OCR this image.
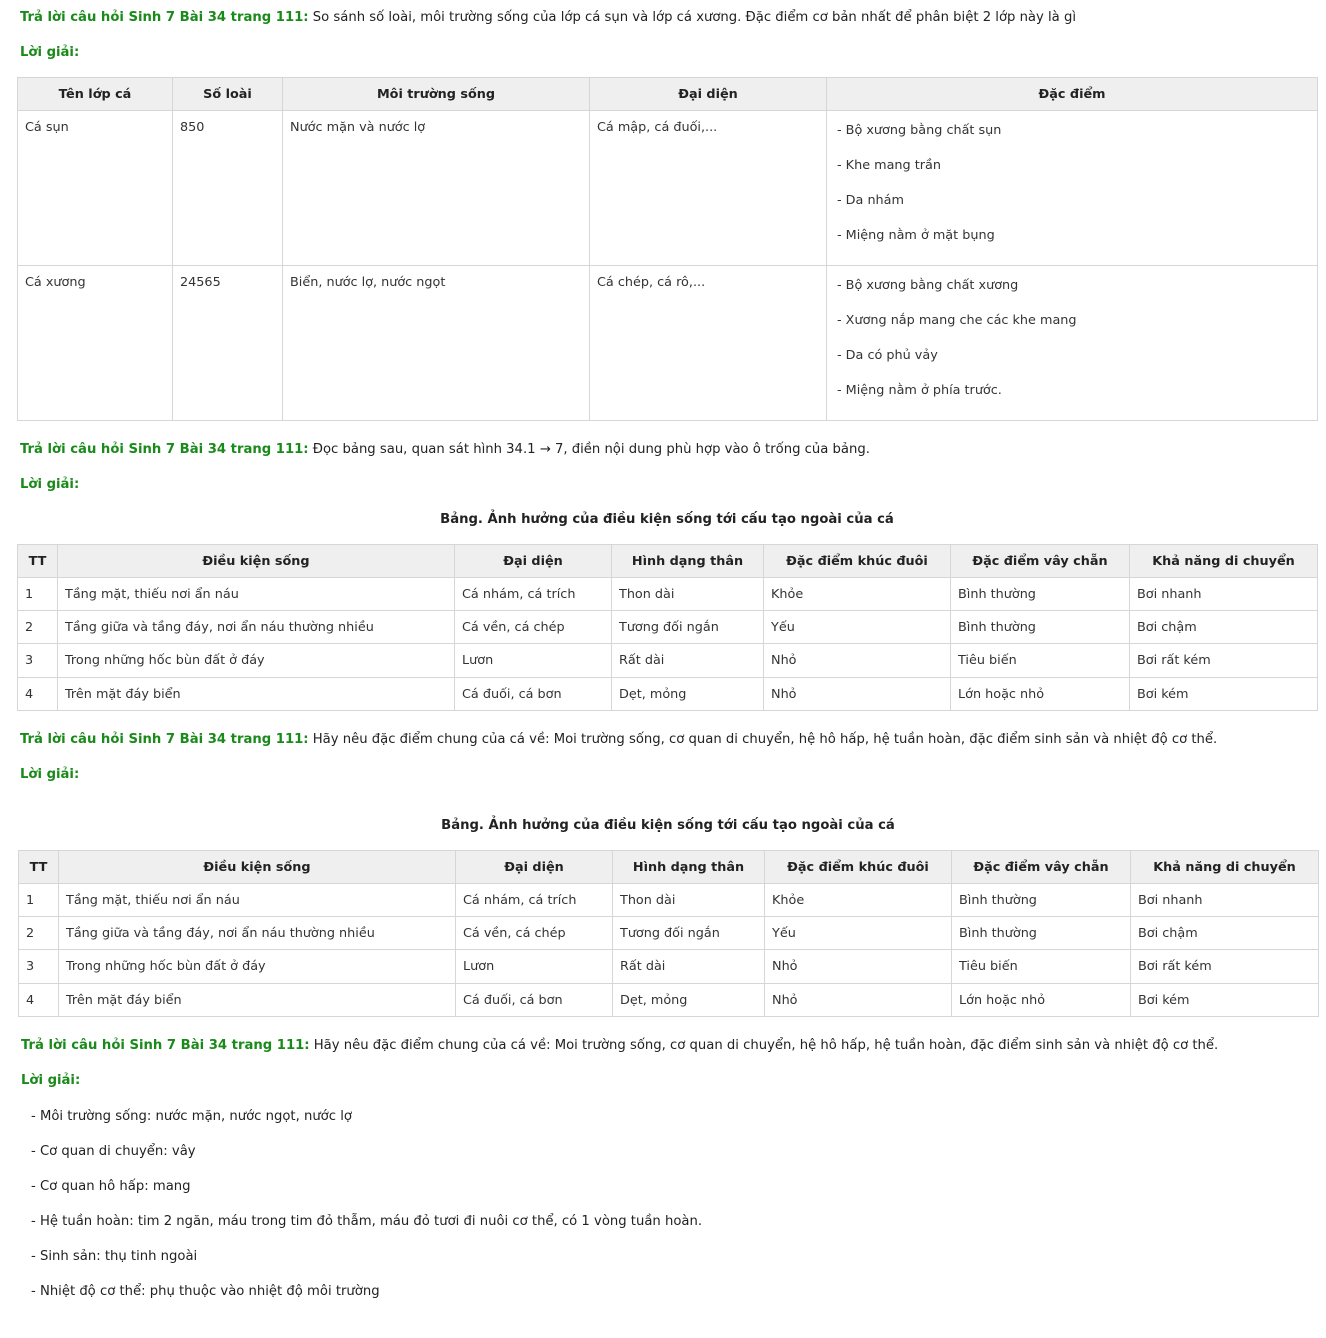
Trả lời câu hỏi Sinh 7 Bài 34 trang 111: So sánh số loài, môi trường sống của lớp cá sụn và lớp cá xương. Đặc điểm cơ bản nhất để phân biệt 2 lớp này là gì
Lời giải:
Tên lớp cá	Số loài	Môi trường sống	Đại diện	Đặc điểm
Cá sụn	850	Nước mặn và nước lợ	Cá mập, cá đuối,...	- Bộ xương bằng chất sụn
- Khe mang trần
- Da nhám
- Miệng nằm ở mặt bụng

Cá xương	24565	Biển, nước lợ, nước ngọt	Cá chép, cá rô,...	- Bộ xương bằng chất xương
- Xương nắp mang che các khe mang
- Da có phủ vảy
- Miệng nằm ở phía trước.
Trả lời câu hỏi Sinh 7 Bài 34 trang 111: Đọc bảng sau, quan sát hình 34.1 → 7, điền nội dung phù hợp vào ô trống của bảng.
Lời giải:
Bảng. Ảnh hưởng của điều kiện sống tới cấu tạo ngoài của cá
TT	Điều kiện sống	Đại diện	Hình dạng thân	Đặc điểm khúc đuôi	Đặc điểm vây chẵn	Khả năng di chuyển
1	Tầng mặt, thiếu nơi ẩn náu	Cá nhám, cá trích	Thon dài	Khỏe	Bình thường	Bơi nhanh
2	Tầng giữa và tầng đáy, nơi ẩn náu thường nhiều	Cá vền, cá chép	Tương đối ngắn	Yếu	Bình thường	Bơi chậm
3	Trong những hốc bùn đất ở đáy	Lươn	Rất dài	Nhỏ	Tiêu biến	Bơi rất kém
4	Trên mặt đáy biển	Cá đuối, cá bơn	Dẹt, mỏng	Nhỏ	Lớn hoặc nhỏ	Bơi kém
Trả lời câu hỏi Sinh 7 Bài 34 trang 111: Hãy nêu đặc điểm chung của cá về: Moi trường sống, cơ quan di chuyển, hệ hô hấp, hệ tuần hoàn, đặc điểm sinh sản và nhiệt độ cơ thể.
Lời giải:
Bảng. Ảnh hưởng của điều kiện sống tới cấu tạo ngoài của cá
TT	Điều kiện sống	Đại diện	Hình dạng thân	Đặc điểm khúc đuôi	Đặc điểm vây chẵn	Khả năng di chuyển
1	Tầng mặt, thiếu nơi ẩn náu	Cá nhám, cá trích	Thon dài	Khỏe	Bình thường	Bơi nhanh
2	Tầng giữa và tầng đáy, nơi ẩn náu thường nhiều	Cá vền, cá chép	Tương đối ngắn	Yếu	Bình thường	Bơi chậm
3	Trong những hốc bùn đất ở đáy	Lươn	Rất dài	Nhỏ	Tiêu biến	Bơi rất kém
4	Trên mặt đáy biển	Cá đuối, cá bơn	Dẹt, mỏng	Nhỏ	Lớn hoặc nhỏ	Bơi kém
Trả lời câu hỏi Sinh 7 Bài 34 trang 111: Hãy nêu đặc điểm chung của cá về: Moi trường sống, cơ quan di chuyển, hệ hô hấp, hệ tuần hoàn, đặc điểm sinh sản và nhiệt độ cơ thể.
Lời giải:
- Môi trường sống: nước mặn, nước ngọt, nước lợ
- Cơ quan di chuyển: vây
- Cơ quan hô hấp: mang
- Hệ tuần hoàn: tim 2 ngăn, máu trong tim đỏ thẫm, máu đỏ tươi đi nuôi cơ thể, có 1 vòng tuần hoàn.
- Sinh sản: thụ tinh ngoài
- Nhiệt độ cơ thể: phụ thuộc vào nhiệt độ môi trường
